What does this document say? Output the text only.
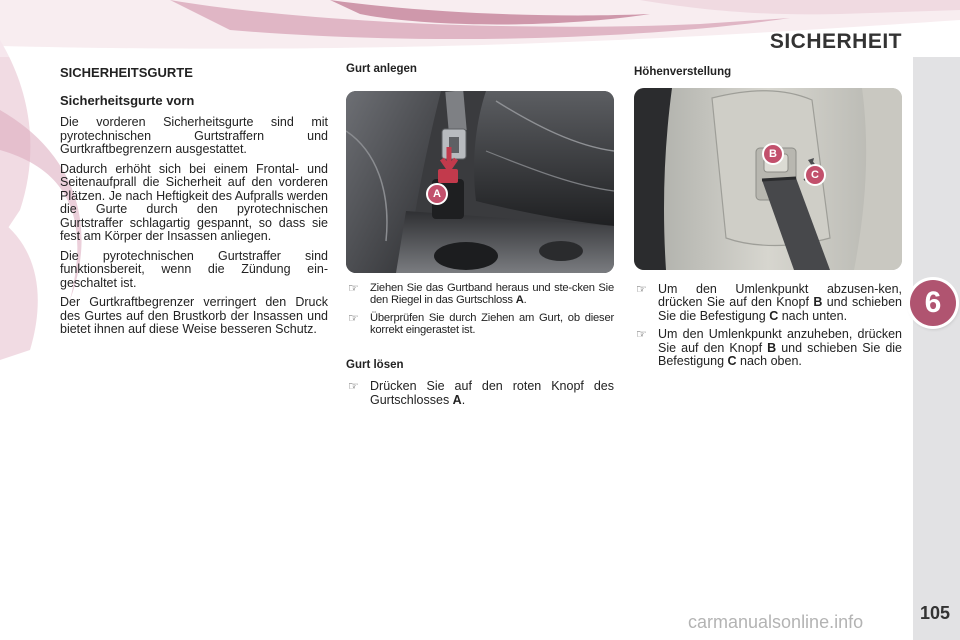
SICHERHEIT
6
SICHERHEITSGURTE
Sicherheitsgurte vorn

Die vorderen Sicherheitsgurte sind mit pyrotechnischen Gurtstraffern und Gurtkraftbegrenzern ausgestattet.

Dadurch erhöht sich bei einem Frontal- und Seitenaufprall die Sicherheit auf den vorderen Plätzen. Je nach Heftigkeit des Aufpralls werden die Gurte durch den pyrotechnischen Gurtstraffer schlagartig gespannt, so dass sie fest am Körper der Insassen anliegen.

Die pyrotechnischen Gurtstraffer sind funktionsbereit, wenn die Zündung ein-geschaltet ist.

Der Gurtkraftbegrenzer verringert den Druck des Gurtes auf den Brustkorb der Insassen und bietet ihnen auf diese Weise besseren Schutz.

Gurt anlegen
A
☞ Ziehen Sie das Gurtband heraus und ste-cken Sie den Riegel in das Gurtschloss A.
☞ Überprüfen Sie durch Ziehen am Gurt, ob dieser korrekt eingerastet ist.
Gurt lösen
☞ Drücken Sie auf den roten Knopf des Gurtschlosses A.
Höhenverstellung
B
C
☞ Um den Umlenkpunkt abzusen-ken, drücken Sie auf den Knopf B und schieben Sie die Befestigung C nach unten.
☞ Um den Umlenkpunkt anzuheben, drücken Sie auf den Knopf B und schieben Sie die Befestigung C nach oben.
105
carmanualsonline.info
